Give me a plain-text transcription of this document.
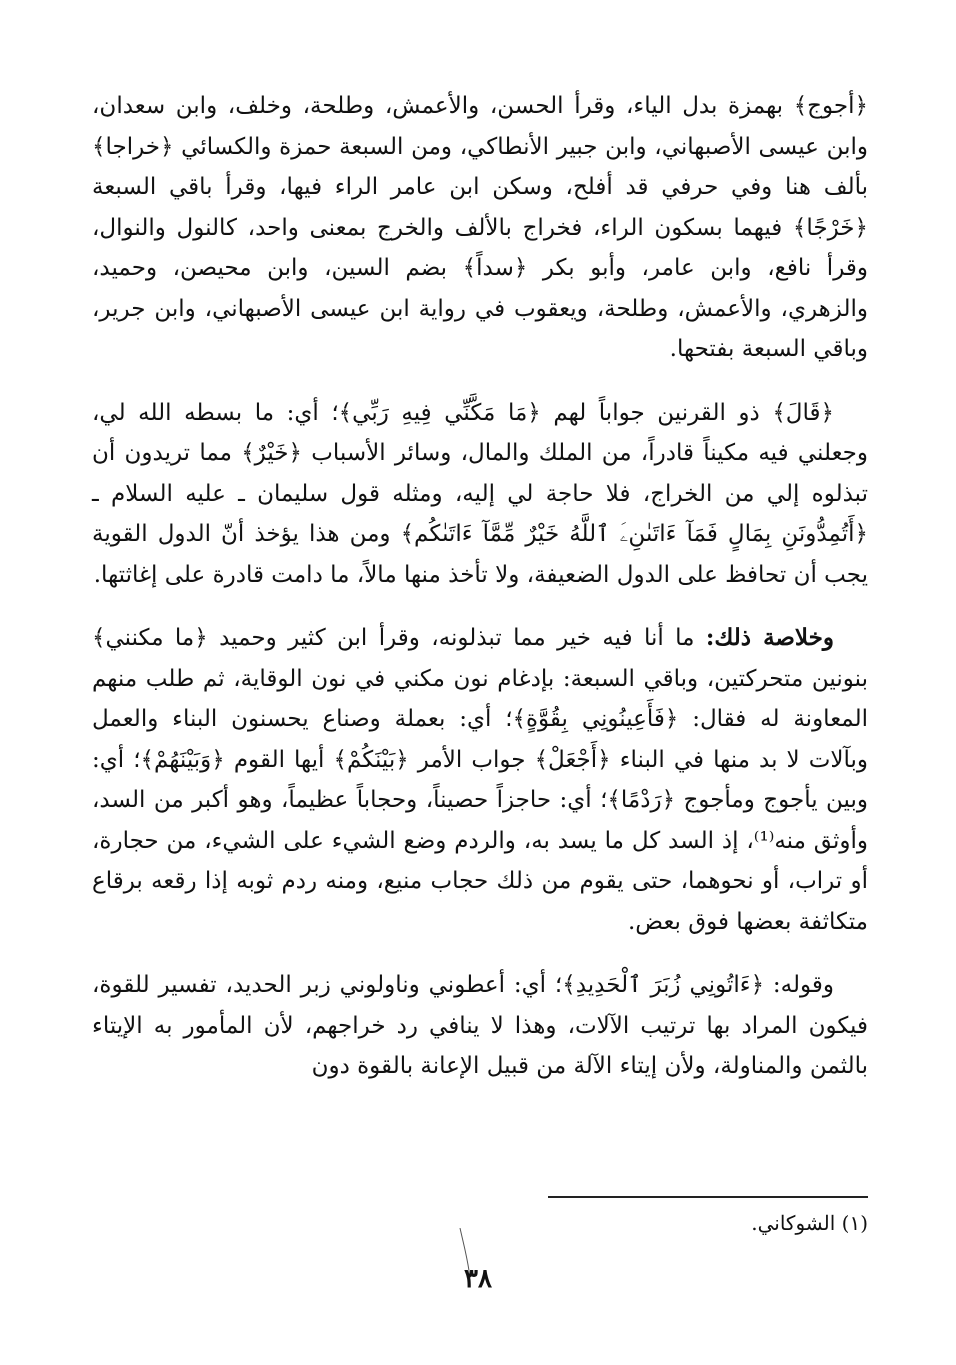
﴿أجوج﴾ بهمزة بدل الياء، وقرأ الحسن، والأعمش، وطلحة، وخلف، وابن سعدان، وابن عيسى الأصبهاني، وابن جبير الأنطاكي، ومن السبعة حمزة والكسائي ﴿خراجا﴾ بألف هنا وفي حرفي قد أفلح، وسكن ابن عامر الراء فيها، وقرأ باقي السبعة ﴿خَرْجًا﴾ فيهما بسكون الراء، فخراج بالألف والخرج بمعنى واحد، كالنول والنوال، وقرأ نافع، وابن عامر، وأبو بكر ﴿سداً﴾ بضم السين، وابن محيصن، وحميد، والزهري، والأعمش، وطلحة، ويعقوب في رواية ابن عيسى الأصبهاني، وابن جرير، وباقي السبعة بفتحها.

﴿قَالَ﴾ ذو القرنين جواباً لهم ﴿مَا مَكَّنِّي فِيهِ رَبِّي﴾؛ أي: ما بسطه الله لي، وجعلني فيه مكيناً قادراً، من الملك والمال، وسائر الأسباب ﴿خَيْرٌ﴾ مما تريدون أن تبذلوه إلي من الخراج، فلا حاجة لي إليه، ومثله قول سليمان ـ عليه السلام ـ ﴿أَتُمِدُّونَنِ بِمَالٍ فَمَآ ءَاتَىٰنِۦَ ٱللَّهُ خَيْرٌ مِّمَّآ ءَاتَىٰكُم﴾ ومن هذا يؤخذ أنّ الدول القوية يجب أن تحافظ على الدول الضعيفة، ولا تأخذ منها مالاً، ما دامت قادرة على إغاثتها.

وخلاصة ذلك: ما أنا فيه خير مما تبذلونه، وقرأ ابن كثير وحميد ﴿ما مكنني﴾ بنونين متحركتين، وباقي السبعة: بإدغام نون مكني في نون الوقاية، ثم طلب منهم المعاونة له فقال: ﴿فَأَعِينُونِي بِقُوَّةٍ﴾؛ أي: بعملة وصناع يحسنون البناء والعمل وبآلات لا بد منها في البناء ﴿أَجْعَلْ﴾ جواب الأمر ﴿بَيْنَكُمْ﴾ أيها القوم ﴿وَبَيْنَهُمْ﴾؛ أي: وبين يأجوج ومأجوج ﴿رَدْمًا﴾؛ أي: حاجزاً حصيناً، وحجاباً عظيماً، وهو أكبر من السد، وأوثق منه⁽¹⁾، إذ السد كل ما يسد به، والردم وضع الشيء على الشيء، من حجارة، أو تراب، أو نحوهما، حتى يقوم من ذلك حجاب منيع، ومنه ردم ثوبه إذا رقعه برقاع متكاثفة بعضها فوق بعض.

وقوله: ﴿ءَاتُونِي زُبَرَ ٱلْحَدِيدِ﴾؛ أي: أعطوني وناولوني زبر الحديد، تفسير للقوة، فيكون المراد بها ترتيب الآلات، وهذا لا ينافي رد خراجهم، لأن المأمور به الإيتاء بالثمن والمناولة، ولأن إيتاء الآلة من قبيل الإعانة بالقوة دون

(١) الشوكاني.
٣٨
